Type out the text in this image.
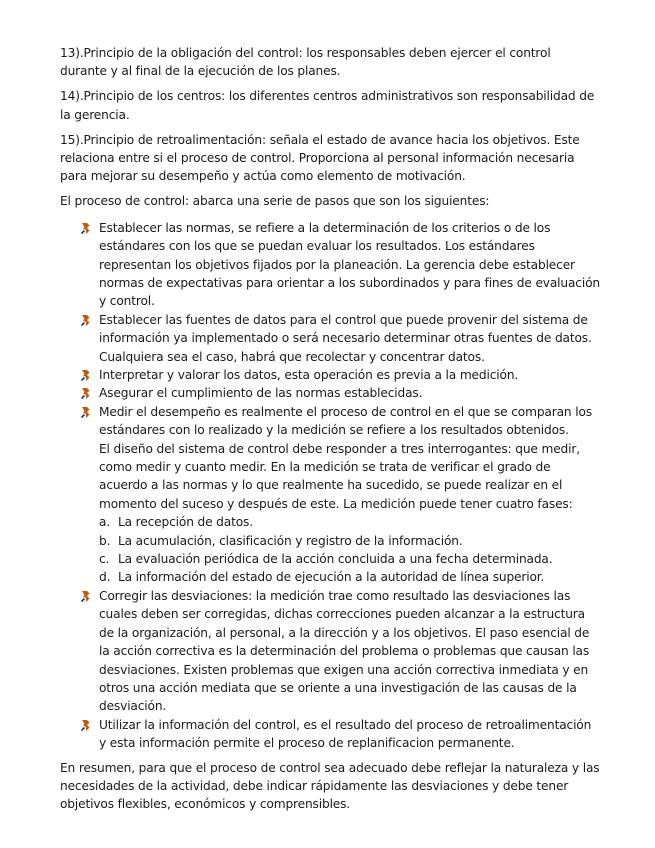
13).Principio de la obligación del control: los responsables deben ejercer el control durante y al final de la ejecución de los planes.

14).Principio de los centros: los diferentes centros administrativos son responsabilidad de la gerencia.

15).Principio de retroalimentación: señala el estado de avance hacia los objetivos. Este relaciona entre si el proceso de control. Proporciona al personal información necesaria para mejorar su desempeño y actúa como elemento de motivación.

El proceso de control: abarca una serie de pasos que son los siguientes:

Establecer las normas, se refiere a la determinación de los criterios o de los estándares con los que se puedan evaluar los resultados. Los estándares representan los objetivos fijados por la planeación. La gerencia debe establecer normas de expectativas para orientar a los subordinados y para fines de evaluación y control.
Establecer las fuentes de datos para el control que puede provenir del sistema de información ya implementado o será necesario determinar otras fuentes de datos. Cualquiera sea el caso, habrá que recolectar y concentrar datos.
Interpretar y valorar los datos, esta operación es previa a la medición.
Asegurar el cumplimiento de las normas establecidas.
Medir el desempeño es realmente el proceso de control en el que se comparan los estándares con lo realizado y la medición se refiere a los resultados obtenidos.
El diseño del sistema de control debe responder a tres interrogantes: que medir, como medir y cuanto medir. En la medición se trata de verificar el grado de acuerdo a las normas y lo que realmente ha sucedido, se puede realizar en el momento del suceso y después de este. La medición puede tener cuatro fases:
a. La recepción de datos.
b. La acumulación, clasificación y registro de la información.
c. La evaluación periódica de la acción concluida a una fecha determinada.
d. La información del estado de ejecución a la autoridad de línea superior.
Corregir las desviaciones: la medición trae como resultado las desviaciones las cuales deben ser corregidas, dichas correcciones pueden alcanzar a la estructura de la organización, al personal, a la dirección y a los objetivos. El paso esencial de la acción correctiva es la determinación del problema o problemas que causan las desviaciones. Existen problemas que exigen una acción correctiva inmediata y en otros una acción mediata que se oriente a una investigación de las causas de la desviación.
Utilizar la información del control, es el resultado del proceso de retroalimentación y esta información permite el proceso de replanificacion permanente.

En resumen, para que el proceso de control sea adecuado debe reflejar la naturaleza y las necesidades de la actividad, debe indicar rápidamente las desviaciones y debe tener objetivos flexibles, económicos y comprensibles.
